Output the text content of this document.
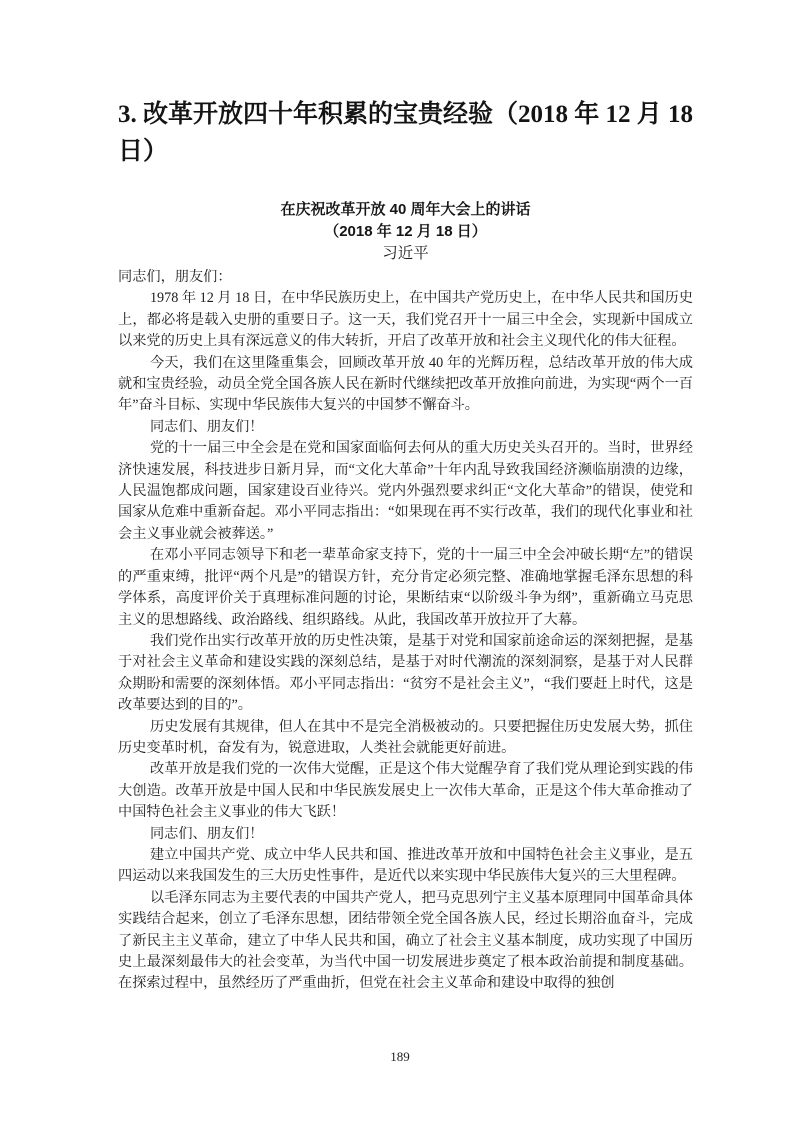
3. 改革开放四十年积累的宝贵经验（2018 年 12 月 18 日）
在庆祝改革开放 40 周年大会上的讲话
（2018 年 12 月 18 日）
习近平

同志们，朋友们：

1978 年 12 月 18 日，在中华民族历史上，在中国共产党历史上，在中华人民共和国历史上，都必将是载入史册的重要日子。这一天，我们党召开十一届三中全会，实现新中国成立以来党的历史上具有深远意义的伟大转折，开启了改革开放和社会主义现代化的伟大征程。

今天，我们在这里隆重集会，回顾改革开放 40 年的光辉历程，总结改革开放的伟大成就和宝贵经验，动员全党全国各族人民在新时代继续把改革开放推向前进，为实现“两个一百年”奋斗目标、实现中华民族伟大复兴的中国梦不懈奋斗。

同志们、朋友们！

党的十一届三中全会是在党和国家面临何去何从的重大历史关头召开的。当时，世界经济快速发展，科技进步日新月异，而“文化大革命”十年内乱导致我国经济濒临崩溃的边缘，人民温饱都成问题，国家建设百业待兴。党内外强烈要求纠正“文化大革命”的错误，使党和国家从危难中重新奋起。邓小平同志指出：“如果现在再不实行改革，我们的现代化事业和社会主义事业就会被葬送。”

在邓小平同志领导下和老一辈革命家支持下，党的十一届三中全会冲破长期“左”的错误的严重束缚，批评“两个凡是”的错误方针，充分肯定必须完整、准确地掌握毛泽东思想的科学体系，高度评价关于真理标准问题的讨论，果断结束“以阶级斗争为纲”，重新确立马克思主义的思想路线、政治路线、组织路线。从此，我国改革开放拉开了大幕。

我们党作出实行改革开放的历史性决策，是基于对党和国家前途命运的深刻把握，是基于对社会主义革命和建设实践的深刻总结，是基于对时代潮流的深刻洞察，是基于对人民群众期盼和需要的深刻体悟。邓小平同志指出：“贫穷不是社会主义”，“我们要赶上时代，这是改革要达到的目的”。

历史发展有其规律，但人在其中不是完全消极被动的。只要把握住历史发展大势，抓住历史变革时机，奋发有为，锐意进取，人类社会就能更好前进。

改革开放是我们党的一次伟大觉醒，正是这个伟大觉醒孕育了我们党从理论到实践的伟大创造。改革开放是中国人民和中华民族发展史上一次伟大革命，正是这个伟大革命推动了中国特色社会主义事业的伟大飞跃！

同志们、朋友们！

建立中国共产党、成立中华人民共和国、推进改革开放和中国特色社会主义事业，是五四运动以来我国发生的三大历史性事件，是近代以来实现中华民族伟大复兴的三大里程碑。

以毛泽东同志为主要代表的中国共产党人，把马克思列宁主义基本原理同中国革命具体实践结合起来，创立了毛泽东思想，团结带领全党全国各族人民，经过长期浴血奋斗，完成了新民主主义革命，建立了中华人民共和国，确立了社会主义基本制度，成功实现了中国历史上最深刻最伟大的社会变革，为当代中国一切发展进步奠定了根本政治前提和制度基础。在探索过程中，虽然经历了严重曲折，但党在社会主义革命和建设中取得的独创

189
